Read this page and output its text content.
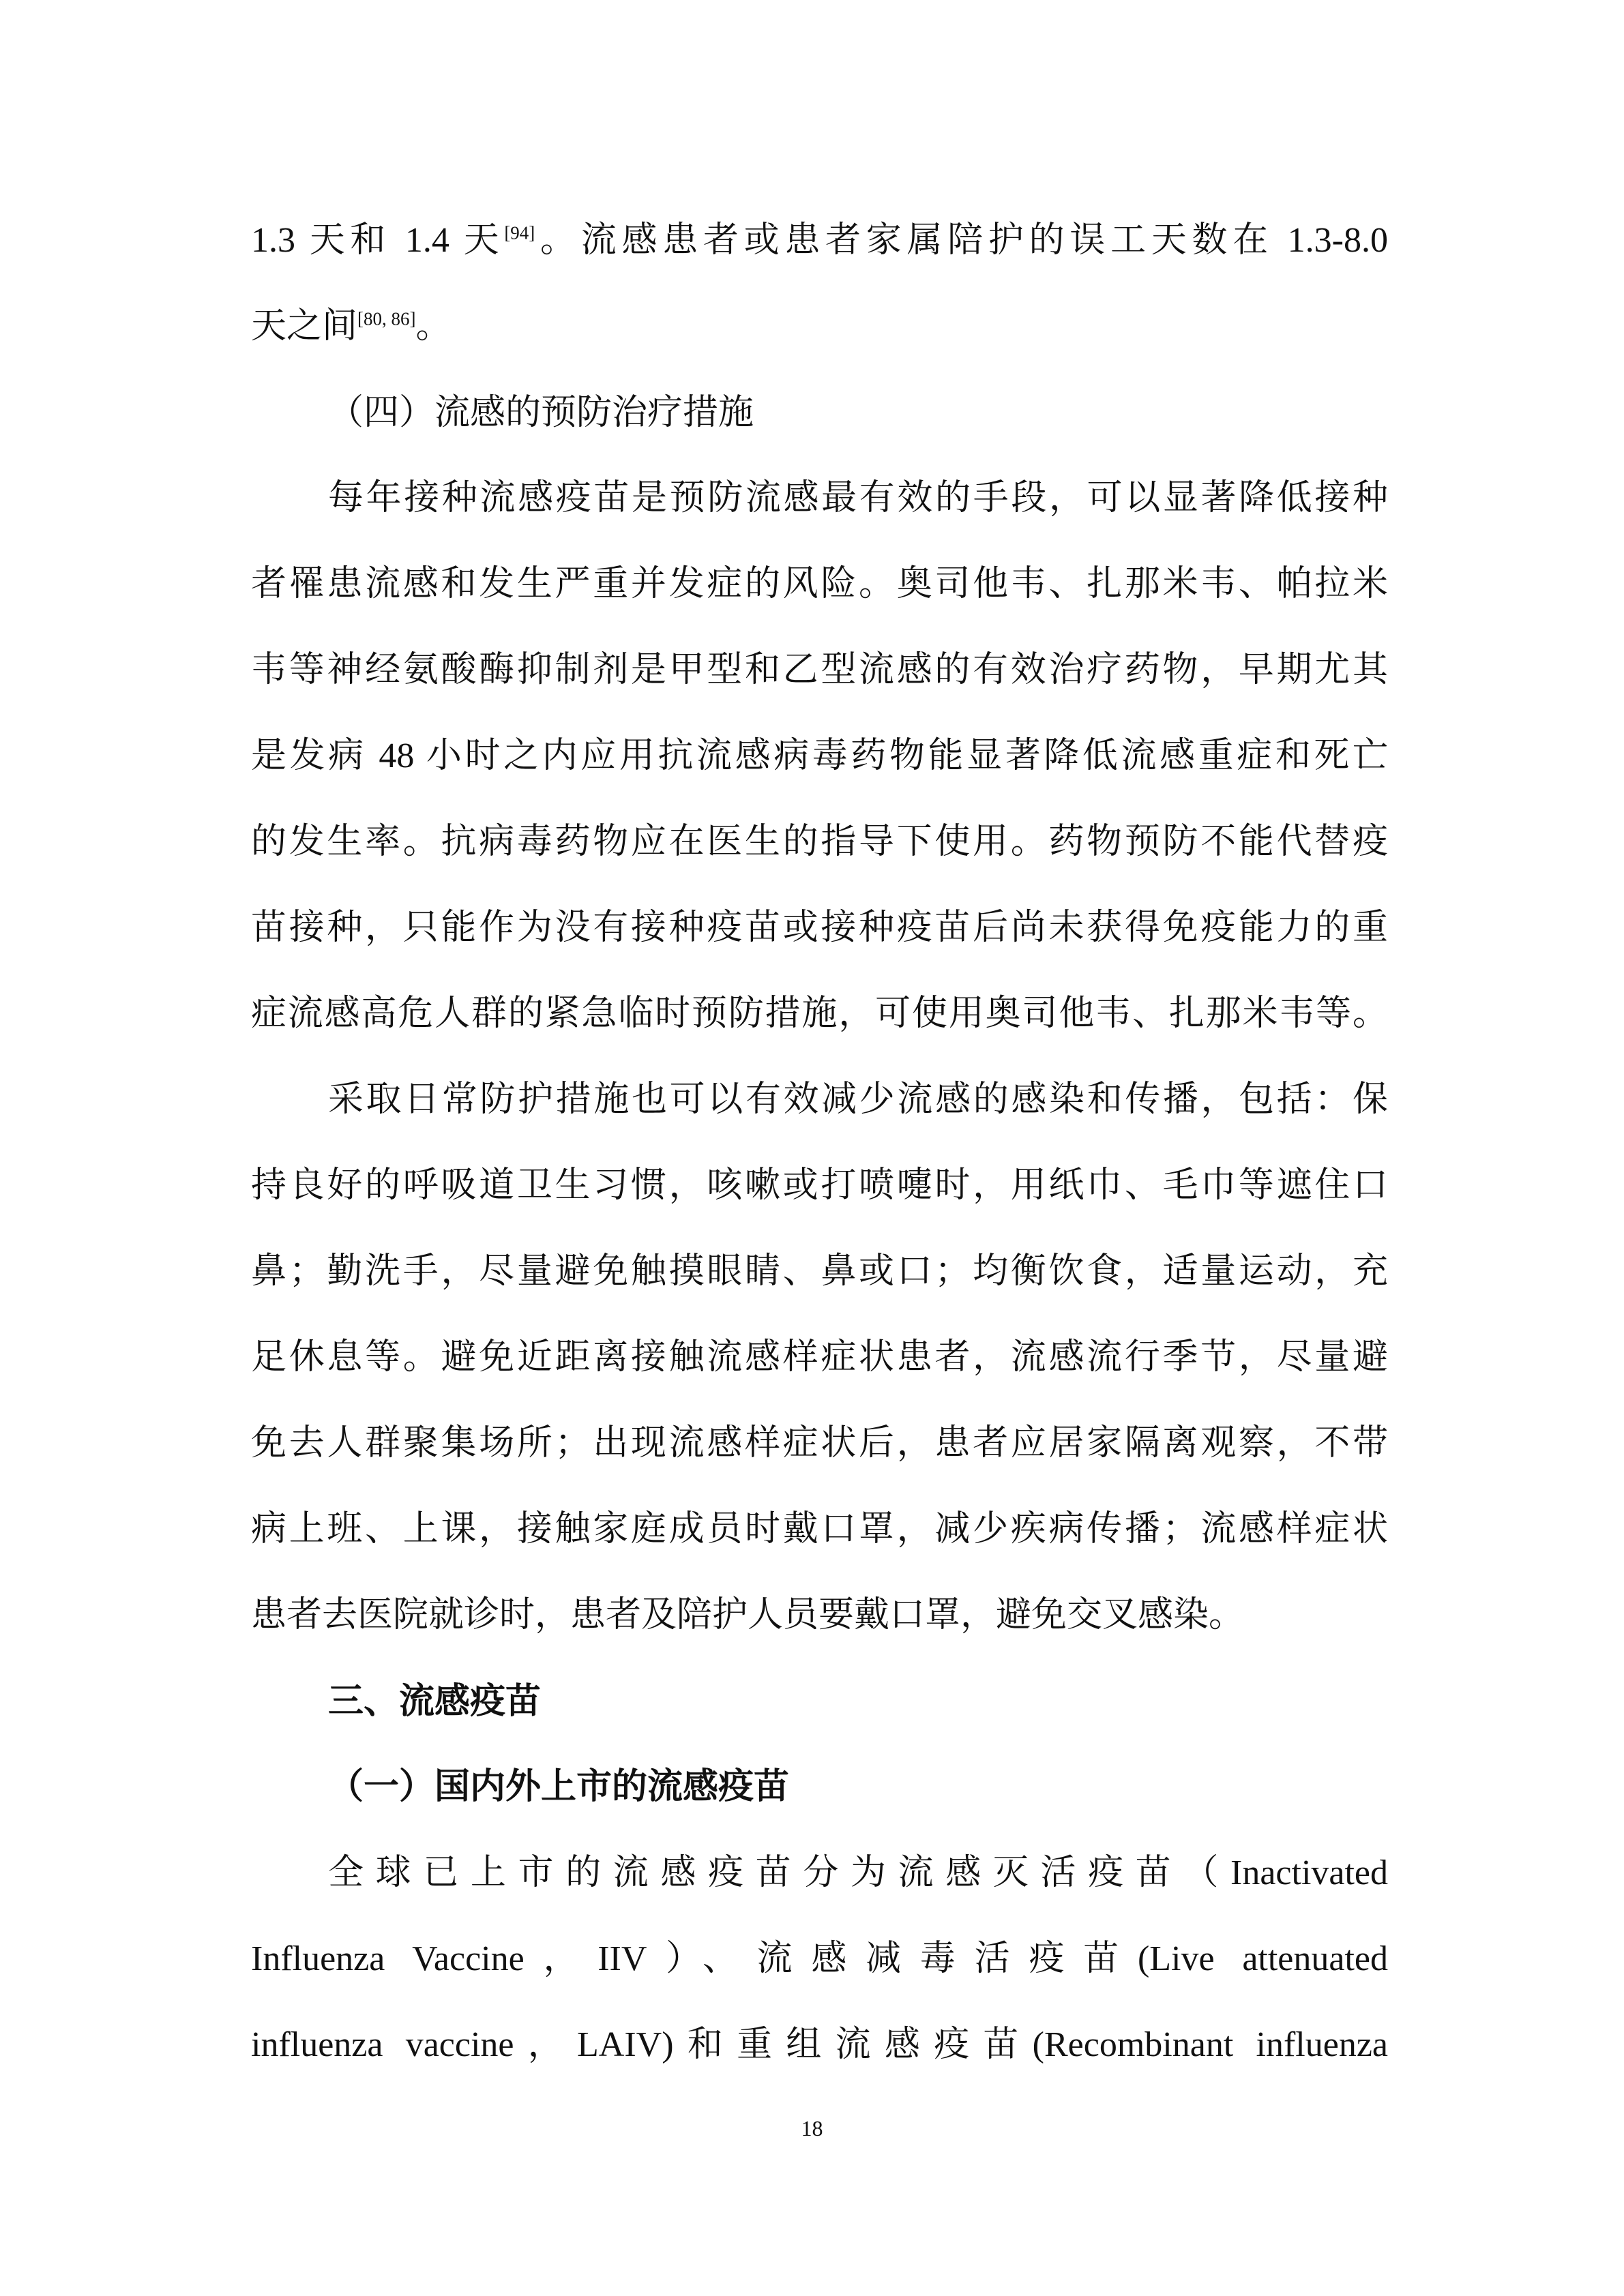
1.3 天和 1.4 天[94]。流感患者或患者家属陪护的误工天数在 1.3-8.0
天之间[80, 86]。
（四）流感的预防治疗措施
每年接种流感疫苗是预防流感最有效的手段，可以显著降低接种
者罹患流感和发生严重并发症的风险。奥司他韦、扎那米韦、帕拉米
韦等神经氨酸酶抑制剂是甲型和乙型流感的有效治疗药物，早期尤其
是发病 48 小时之内应用抗流感病毒药物能显著降低流感重症和死亡
的发生率。抗病毒药物应在医生的指导下使用。药物预防不能代替疫
苗接种，只能作为没有接种疫苗或接种疫苗后尚未获得免疫能力的重
症流感高危人群的紧急临时预防措施，可使用奥司他韦、扎那米韦等。
采取日常防护措施也可以有效减少流感的感染和传播，包括：保
持良好的呼吸道卫生习惯，咳嗽或打喷嚏时，用纸巾、毛巾等遮住口
鼻；勤洗手，尽量避免触摸眼睛、鼻或口；均衡饮食，适量运动，充
足休息等。避免近距离接触流感样症状患者，流感流行季节，尽量避
免去人群聚集场所；出现流感样症状后，患者应居家隔离观察，不带
病上班、上课，接触家庭成员时戴口罩，减少疾病传播；流感样症状
患者去医院就诊时，患者及陪护人员要戴口罩，避免交叉感染。
三、流感疫苗
（一）国内外上市的流感疫苗
全球已上市的流感疫苗分为流感灭活疫苗（Inactivated
Influenza Vaccine，IIV）、流感减毒活疫苗(Live attenuated
influenza vaccine，LAIV)和重组流感疫苗(Recombinant influenza
18
